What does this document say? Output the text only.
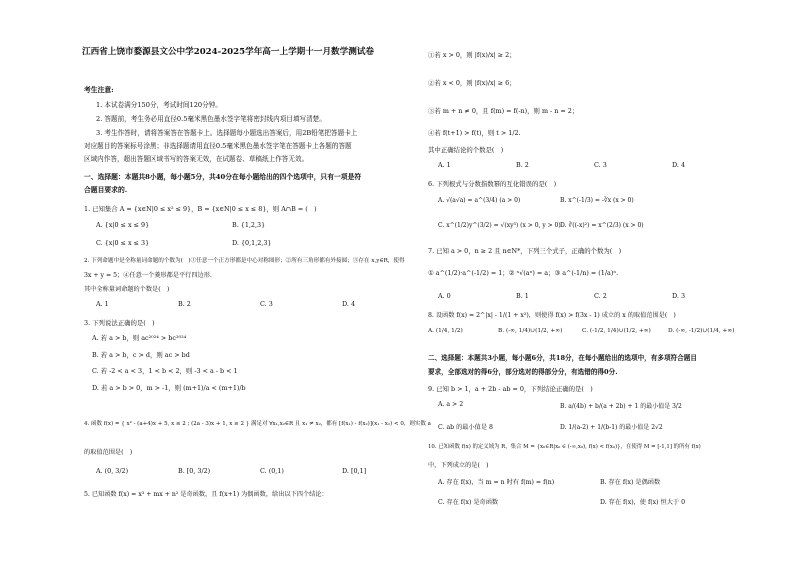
江西省上饶市婺源县文公中学2024-2025学年高一上学期十一月数学测试卷
考生注意:
1. 本试卷满分150分，考试时间120分钟。
2. 答题前，考生务必用直径0.5毫米黑色墨水签字笔将密封线内项目填写清楚。
3. 考生作答时，请将答案答在答题卡上。选择题每小题选出答案后，用2B铅笔把答题卡上
对应题目的答案标号涂黑；非选择题请用直径0.5毫米黑色墨水签字笔在答题卡上各题的答题
区域内作答，超出答题区域书写的答案无效，在试题卷、草稿纸上作答无效。
一、选择题：本题共8小题，每小题5分，共40分在每小题给出的四个选项中，只有一项是符
合题目要求的.
1. 已知集合 A = {x∈N|0 ≤ x² ≤ 9}，B = {x∈N|0 ≤ x ≤ 8}，则 A∩B = (　)
A. {x|0 ≤ x ≤ 9}	B. {1,2,3}
C. {x|0 ≤ x ≤ 3}	D. {0,1,2,3}
2. 下列命题中是全称量词命题的个数为(　)①任意一个正方形都是中心对称图形；②所有三角形都有外接圆；③存在 x,y∈R，使得
3x + y = 5；④任意一个菱形都是平行四边形.
其中全称量词命题的个数是(　)
A. 1	B. 2	C. 3	D. 4
3. 下列说法正确的是(　)
A. 若 a > b，则 ac²⁰²⁴ > bc²⁰²⁴
B. 若 a > b，c > d，则 ac > bd
C. 若 -2 < a < 3，1 < b < 2，则 -3 < a - b < 1
D. 若 a > b > 0，m > -1，则 (m+1)/a < (m+1)/b
4. 函数 f(x) = { x² - (a+4)x + 5, x ≤ 2 ; (2a - 3)x + 1, x ≥ 2 } 满足对 ∀x₁,x₂∈R 且 x₁ ≠ x₂，都有 [f(x₁) - f(x₂)](x₁ - x₂) < 0，则实数 a
的取值范围是(　)
A. (0, 3/2)	B. [0, 3/2)	C. (0,1)	D. [0,1]
5. 已知函数 f(x) = x³ + mx + n² 是奇函数，且 f(x+1) 为偶函数，给出以下四个结论：
①若 x > 0，则 |f(x)/x| ≥ 2；
②若 x < 0，则 |f(x)/x| ≥ 6；
③若 m + n ≠ 0，且 f(m) = f(-n)，则 m - n = 2；
④若 f(t+1) > f(t)，则 t > 1/2.
其中正确结论的个数是(　)
A. 1	B. 2	C. 3	D. 4
6. 下列根式与分数指数幂的互化错误的是(　)
A. √(a√a) = a^(3/4) (a > 0)	B. x^(-1/3) = -∛x (x > 0)
C. x^(1/2)y^(3/2) = √(xy³) (x > 0, y > 0) D. ∛((-x)²) = x^(2/3) (x > 0)
7. 已知 a > 0，n ≥ 2 且 n∈N*，下列三个式子，正确的个数为(　)
① a^(1/2)·a^(-1/2) = 1；② ⁿ√(aⁿ) = a；③ a^(-1/n) = (1/a)ⁿ.
A. 0	B. 1	C. 2	D. 3
8. 设函数 f(x) = 2^|x| - 1/(1 + x²)，则使得 f(x) > f(3x - 1) 成立的 x 的取值范围是(　)
A. (1/4, 1/2)	B. (-∞, 1/4)∪(1/2, +∞)	C. (-1/2, 1/4)∪(1/2, +∞)	D. (-∞, -1/2)∪(1/4, +∞)
二、选择题：本题共3小题，每小题6分，共18分，在每小题给出的选项中，有多项符合题目
要求，全部选对的得6分，部分选对的得部分分，有选错的得0分.
9. 已知 b > 1，a + 2b - ab = 0，下列结论正确的是(　)
A. a > 2	B. a/(4b) + b/(a + 2b) + 1 的最小值是 3/2
C. ab 的最小值是 8	D. 1/(a-2) + 1/(b-1) 的最小值是 2√2
10. 已知函数 f(x) 的定义域为 R，集合 M = {x₀∈R|x₀ ∈ (-∞,x₀), f(x) < f(x₀)}，在使得 M = [-1,1] 的所有 f(x)
中，下列成立的是(　)
A. 存在 f(x)，当 m = n 时有 f(m) = f(n)	B. 存在 f(x) 是偶函数
C. 存在 f(x) 是奇函数	D. 存在 f(x)，使 f(x) 恒大于 0
